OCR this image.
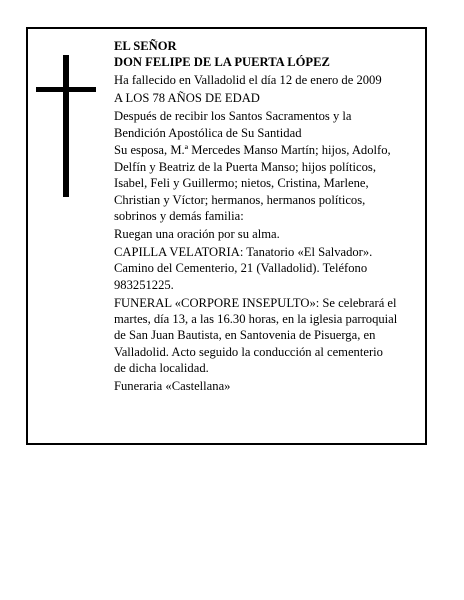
EL SEÑOR

DON FELIPE DE LA PUERTA LÓPEZ

Ha fallecido en Valladolid el día 12 de enero de 2009

A LOS 78 AÑOS DE EDAD

Después de recibir los Santos Sacramentos y la
Bendición Apostólica de Su Santidad

Su esposa, M.ª Mercedes Manso Martín; hijos, Adolfo,
Delfín y Beatriz de la Puerta Manso; hijos políticos,
Isabel, Feli y Guillermo; nietos, Cristina, Marlene,
Christian y Víctor; hermanos, hermanos políticos,
sobrinos y demás familia:

Ruegan una oración por su alma.

CAPILLA VELATORIA: Tanatorio «El Salvador».
Camino del Cementerio, 21 (Valladolid). Teléfono
983251225.

FUNERAL «CORPORE INSEPULTO»: Se celebrará el
martes, día 13, a las 16.30 horas, en la iglesia parroquial
de San Juan Bautista, en Santovenia de Pisuerga, en
Valladolid. Acto seguido la conducción al cementerio
de dicha localidad.

Funeraria «Castellana»
